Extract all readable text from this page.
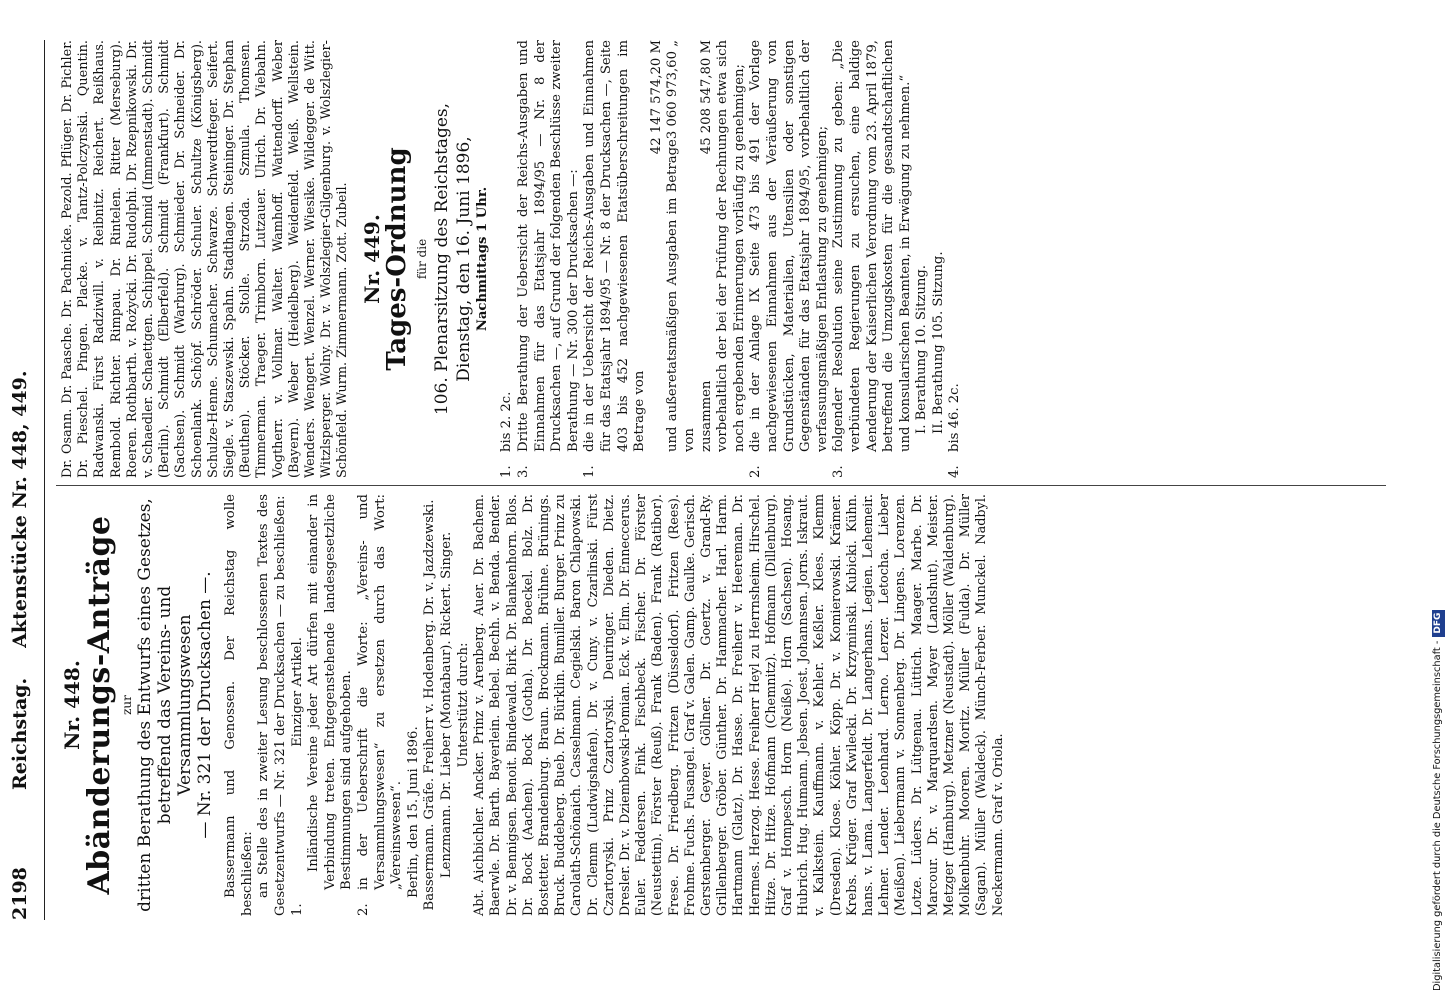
2198
Reichstag.
Aktenstücke Nr. 448, 449.
Nr. 448.
Abänderungs-Anträge zur dritten Berathung des Entwurfs eines Gesetzes, betreffend das Vereins- und Versammlungswesen — Nr. 321 der Drucksachen —. Bassermann und Genossen. Der Reichstag wolle beschließen: an Stelle des in zweiter Lesung beschlossenen Textes des Gesetzentwurfs — Nr. 321 der Drucksachen — zu beschließen: 1.
Einziger Artikel. Inländische Vereine jeder Art dürfen mit einander in Verbindung treten. Entgegenstehende landesgesetzliche Bestimmungen sind aufgehoben.
2.
in der Ueberschrift die Worte: „Vereins- und Versammlungswesen“ zu ersetzen durch das Wort: „Vereinswesen“. Berlin, den 15. Juni 1896. Bassermann. Gräfe. Freiherr v. Hodenberg. Dr. v. Jazdzewski. Lenzmann. Dr. Lieber (Montabaur). Rickert. Singer. Unterstützt durch: Abt. Aichbichler. Ancker. Prinz v. Arenberg. Auer. Dr. Bachem. Baerwle. Dr. Barth. Bayerlein. Bebel. Bechh. v. Benda. Bender. Dr. v. Bennigsen. Benoit. Bindewald. Birk. Dr. Blankenhorn. Blos. Dr. Bock (Aachen). Bock (Gotha). Dr. Boeckel. Bolz. Dr. Bostetter. Brandenburg. Braun. Brockmann. Brühne. Brünings. Bruck. Buddeberg. Bueb. Dr. Bürklin. Bumiller. Burger. Prinz zu Carolath-Schönaich. Casselmann. Cegielski. Baron Chlapowski. Dr. Clemm (Ludwigshafen). Dr. v. Cuny. v. Czarlinski. Fürst Czartoryski. Prinz Czartoryski. Deuringer. Dieden. Dietz. Dresler. Dr. v. Dziembowski-Pomian. Eck. v. Elm. Dr. Enneccerus. Euler. Feddersen. Fink. Fischbeck. Fischer. Dr. Förster (Neustettin). Förster (Reuß). Frank (Baden). Frank (Ratibor). Frese. Dr. Friedberg. Fritzen (Düsseldorf). Fritzen (Rees). Frohme. Fuchs. Fusangel. Graf v. Galen. Gamp. Gaulke. Gerisch. Gerstenberger. Geyer. Göllner. Dr. Goertz. v. Grand-Ry. Grillenberger. Gröber. Günther. Dr. Hammacher. Harl. Harm. Hartmann (Glatz). Dr. Hasse. Dr. Freiherr v. Heereman. Dr. Hermes. Herzog. Hesse. Freiherr Heyl zu Herrnsheim. Hirschel. Hitze. Dr. Hitze. Hofmann (Chemnitz). Hofmann (Dillenburg). Graf v. Hompesch. Horn (Neiße). Horn (Sachsen). Hosang. Hubrich. Hug. Humann. Jebsen. Joest. Johannsen. Jorns. Iskraut. v. Kalkstein. Kauffmann. v. Kehler. Keßler. Klees. Klemm (Dresden). Klose. Köhler. Köpp. Dr. v. Komierowski. Krämer. Krebs. Krüger. Graf Kwilecki. Dr. Krzyminski. Kubicki. Kühn. hans. v. Lama. Langerfeldt. Dr. Langerhans. Legien. Lehemeir. Lehner. Lender. Leonhard. Lerno. Lerzer. Letocha. Lieber (Meißen). Liebermann v. Sonnenberg. Dr. Lingens. Lorenzen. Lotze. Lüders. Dr. Lütgenau. Lüttich. Maager. Marbe. Dr. Marcour. Dr. v. Marquardsen. Mayer (Landshut). Meister. Metzger (Hamburg). Metzner (Neustadt). Möller (Waldenburg). Molkenbuhr. Mooren. Moritz. Müller (Fulda). Dr. Müller (Sagan). Müller (Waldeck). Münch-Ferber. Munckel. Nadbyl. Neckermann. Graf v. Oriola.
Dr. Osann. Dr. Paasche. Dr. Pachnicke. Pezold. Pflüger. Dr. Pichler. Dr. Pieschel. Pingen. Placke. v. Tantz-Polczynski. Quentin. Radwanski. Fürst Radziwill. v. Reibnitz. Reichert. Reißhaus. Rembold. Richter. Rimpau. Dr. Rintelen. Ritter (Merseburg). Roeren. Rothbarth. v. Rożycki. Dr. Rudolphi. Dr. Rzepnikowski. Dr. v. Schaedler. Schaettgen. Schippel. Schmid (Immenstadt). Schmidt (Berlin). Schmidt (Elberfeld). Schmidt (Frankfurt). Schmidt (Sachsen). Schmidt (Warburg). Schmieder. Dr. Schneider. Dr. Schoenlank. Schöpf. Schröder. Schuler. Schultze (Königsberg). Schulze-Henne. Schumacher. Schwarze. Schwerdtfeger. Seifert. Siegle. v. Staszewski. Spahn. Stadthagen. Steininger. Dr. Stephan (Beuthen). Stöcker. Stolle. Strzoda. Szmula. Thomsen. Timmerman. Traeger. Trimborn. Lutzauer. Ulrich. Dr. Viebahn. Vogtherr. v. Vollmar. Walter. Wamhoff. Wattendorff. Weber (Bayern). Weber (Heidelberg). Weidenfeld. Weiß. Wellstein. Wenders. Wengert. Wenzel. Werner. Wiesike. Wildegger. de Witt. Witzlsperger. Wolny. Dr. v. Wolszlegier-Gilgenburg. v. Wolszlegier-Schönfeld. Wurm. Zimmermann. Zott. Zubeil. Nr. 449.
Tages-Ordnung für die 106. Plenarsitzung des Reichstages, Dienstag, den 16. Juni 1896, Nachmittags 1 Uhr.
1.
bis 2. 2c.
3.
Dritte Berathung der Uebersicht der Reichs-Ausgaben und Einnahmen für das Etatsjahr 1894/95 — Nr. 8 der Drucksachen —, auf Grund der folgenden Beschlüsse zweiter Berathung — Nr. 300 der Drucksachen —:
1.
die in der Uebersicht der Reichs-Ausgaben und Einnahmen für das Etatsjahr 1894/95 — Nr. 8 der Drucksachen —, Seite 403 bis 452 nachgewiesenen Etatsüberschreitungen im Betrage von
42 147 574,20 M
und außeretatsmäßigen Ausgaben im Betrage von
3 060 973,60 „
zusammen
45 208 547,80 M vorbehaltlich der bei der Prüfung der Rechnungen etwa sich noch ergebenden Erinnerungen vorläufig zu genehmigen;
2.
die in der Anlage IX Seite 473 bis 491 der Vorlage nachgewiesenen Einnahmen aus der Veräußerung von Grundstücken, Materialien, Utensilien oder sonstigen Gegenständen für das Etatsjahr 1894/95, vorbehaltlich der verfassungsmäßigen Entlastung zu genehmigen;
3.
folgender Resolution seine Zustimmung zu geben: „Die verbündeten Regierungen zu ersuchen, eine baldige Aenderung der Kaiserlichen Verordnung vom 23. April 1879, betreffend die Umzugskosten für die gesandtschaftlichen und konsularischen Beamten, in Erwägung zu nehmen.“ I. Berathung 10. Sitzung. II. Berathung 105. Sitzung.
4.
bis 46. 2c.
Digitalisierung gefördert durch die Deutsche Forschungsgemeinschaft -DFG
